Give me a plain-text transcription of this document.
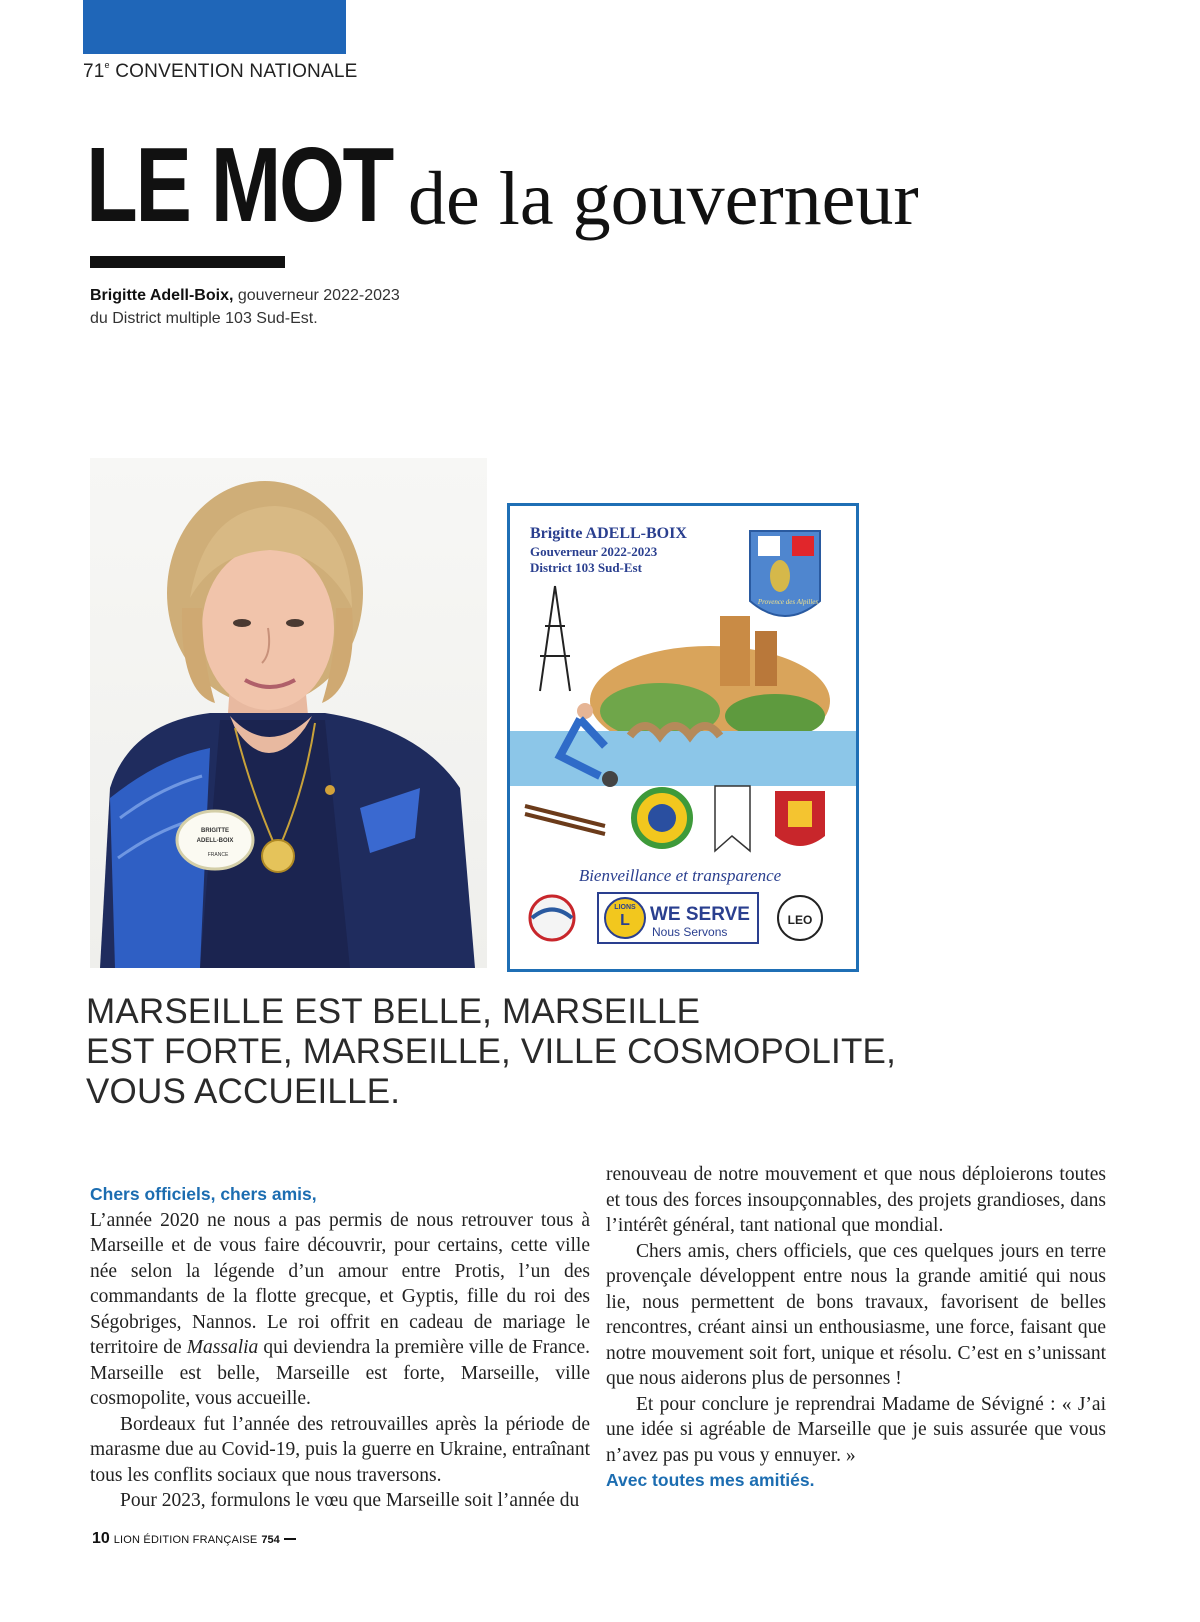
71e CONVENTION NATIONALE
LE MOT de la gouverneur
Brigitte Adell-Boix, gouverneur 2022-2023
du District multiple 103 Sud-Est.
BRIGITTE
ADELL-BOIX
FRANCE
Brigitte ADELL-BOIX
Gouverneur 2022-2023
District 103 Sud-Est
Provence des Alpilles
Bienveillance et transparence
LIONS
L WE SERVE
Nous Servons
LEO
MARSEILLE EST BELLE, MARSEILLE
EST FORTE, MARSEILLE, VILLE COSMOPOLITE,
VOUS ACCUEILLE.

Chers officiels, chers amis,

L’année 2020 ne nous a pas permis de nous retrouver tous à Marseille et de vous faire découvrir, pour certains, cette ville née selon la légende d’un amour entre Protis, l’un des commandants de la flotte grecque, et Gyptis, fille du roi des Ségobriges, Nannos. Le roi offrit en cadeau de mariage le territoire de Massalia qui deviendra la première ville de France. Marseille est belle, Marseille est forte, Marseille, ville cosmopolite, vous accueille.

Bordeaux fut l’année des retrouvailles après la période de marasme due au Covid-19, puis la guerre en Ukraine, entraînant tous les conflits sociaux que nous traversons.

Pour 2023, formulons le vœu que Marseille soit l’année du

renouveau de notre mouvement et que nous déploierons toutes et tous des forces insoupçonnables, des projets grandioses, dans l’intérêt général, tant national que mondial.

Chers amis, chers officiels, que ces quelques jours en terre provençale développent entre nous la grande amitié qui nous lie, nous permettent de bons travaux, favorisent de belles rencontres, créant ainsi un enthousiasme, une force, faisant que notre mouvement soit fort, unique et résolu. C’est en s’unissant que nous aiderons plus de personnes !

Et pour conclure je reprendrai Madame de Sévigné : « J’ai une idée si agréable de Marseille que je suis assurée que vous n’avez pas pu vous y ennuyer. »

Avec toutes mes amitiés.

10 LION ÉDITION FRANÇAISE 754
